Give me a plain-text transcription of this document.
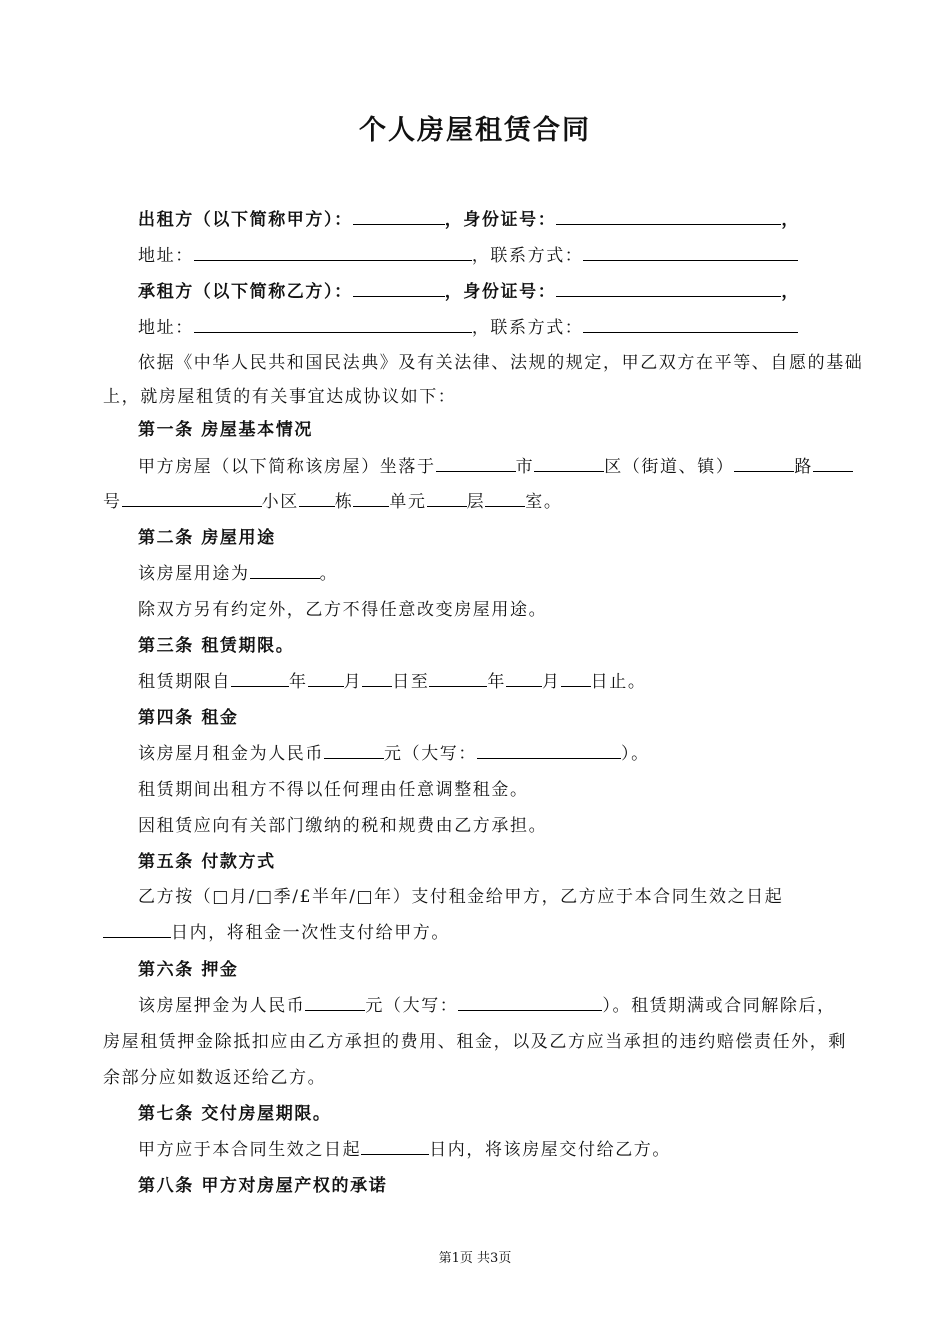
个人房屋租赁合同
出租方（以下简称甲方）：	，身份证号：	，
地址：	，联系方式：
承租方（以下简称乙方）：	，身份证号：	，
地址：	，联系方式：
依据《中华人民共和国民法典》及有关法律、法规的规定，甲乙双方在平等、自愿的基础
上，就房屋租赁的有关事宜达成协议如下：
第一条 房屋基本情况
甲方房屋（以下简称该房屋）坐落于	市	区（街道、镇）	路
号	小区 栋 单元 层 室。
第二条 房屋用途
该房屋用途为	。
除双方另有约定外，乙方不得任意改变房屋用途。
第三条 租赁期限。
租赁期限自	年 月 日至	年 月 日止。
第四条 租金
该房屋月租金为人民币	元（大写：	）。
租赁期间出租方不得以任何理由任意调整租金。
因租赁应向有关部门缴纳的税和规费由乙方承担。
第五条 付款方式
乙方按（□月/□季/£半年/□年）支付租金给甲方，乙方应于本合同生效之日起
日内，将租金一次性支付给甲方。
第六条 押金
该房屋押金为人民币	元（大写：	）。租赁期满或合同解除后，
房屋租赁押金除抵扣应由乙方承担的费用、租金，以及乙方应当承担的违约赔偿责任外，剩
余部分应如数返还给乙方。
第七条 交付房屋期限。
甲方应于本合同生效之日起	日内，将该房屋交付给乙方。
第八条 甲方对房屋产权的承诺
第1页 共3页
